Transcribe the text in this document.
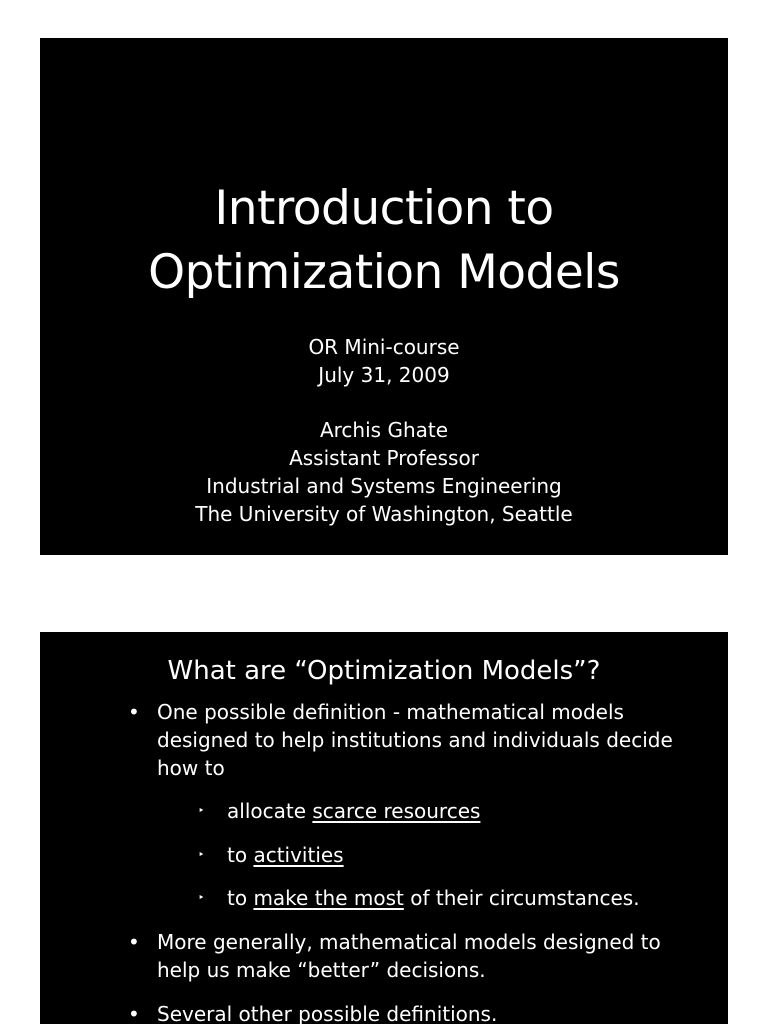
Introduction to
Optimization Models
OR Mini-course
July 31, 2009
Archis Ghate
Assistant Professor
Industrial and Systems Engineering
The University of Washington, Seattle
What are “Optimization Models”?
• One possible definition - mathematical models designed to help institutions and individuals decide how to
‣ allocate scarce resources
‣ to activities
‣ to make the most of their circumstances.
• More generally, mathematical models designed to help us make “better” decisions.
• Several other possible definitions.
